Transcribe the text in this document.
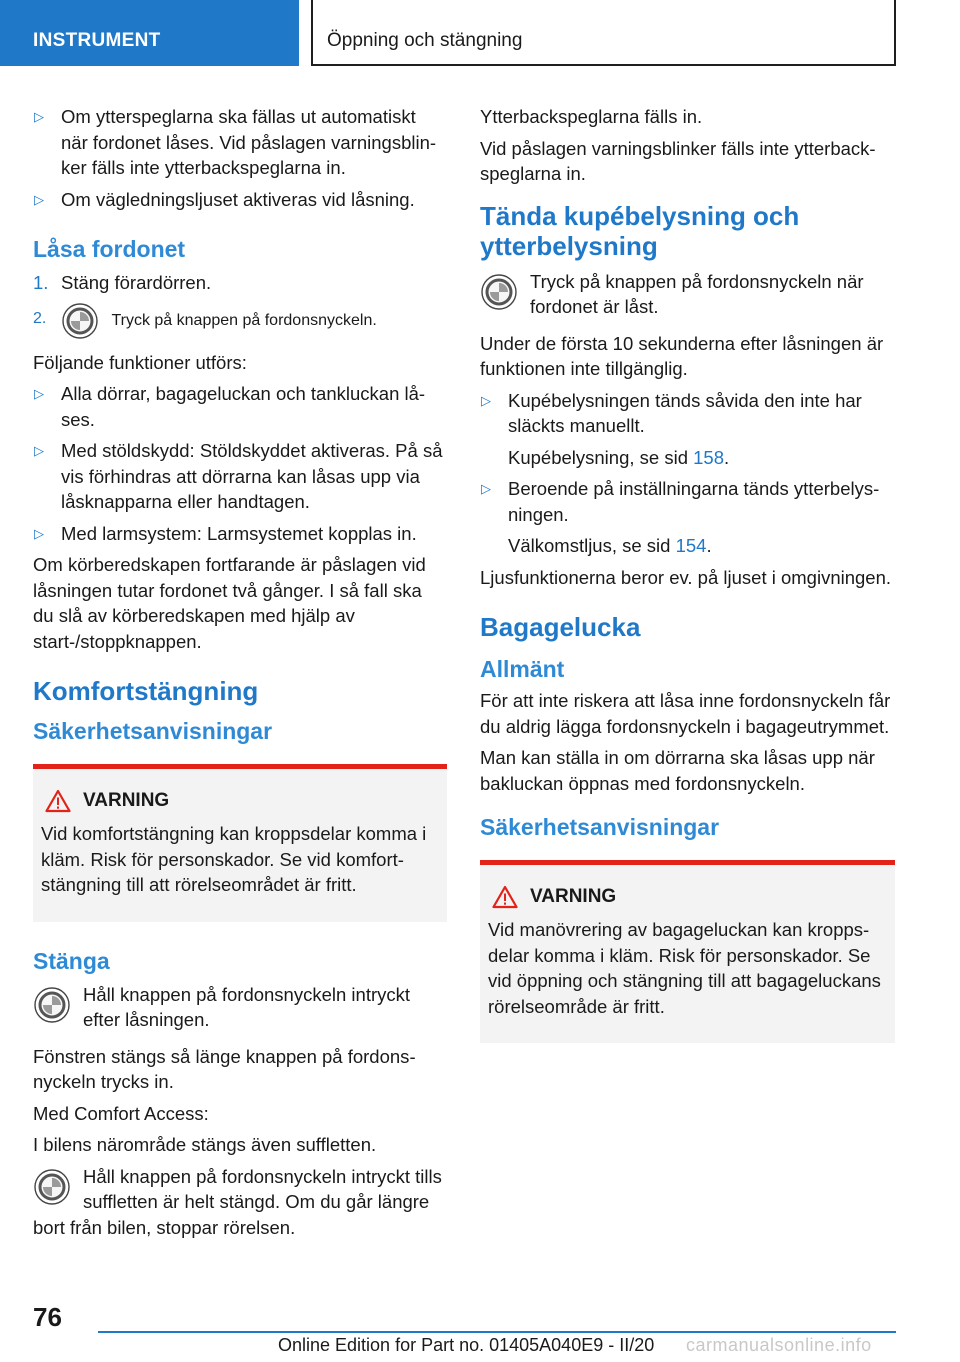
INSTRUMENT	Öppning och stängning
▷ Om ytterspeglarna ska fällas ut automatiskt när fordonet låses. Vid påslagen varningsblinker fälls inte ytterbackspeglarna in.
▷ Om vägledningsljuset aktiveras vid låsning.
Låsa fordonet
1. Stäng förardörren.
2.	Tryck på knappen på fordonsnyckeln.

Följande funktioner utförs:

▷ Alla dörrar, bagageluckan och tankluckan låses.
▷ Med stöldskydd: Stöldskyddet aktiveras. På så vis förhindras att dörrarna kan låsas upp via låsknapparna eller handtagen.
▷ Med larmsystem: Larmsystemet kopplas in.

Om körberedskapen fortfarande är påslagen vid låsningen tutar fordonet två gånger. I så fall ska du slå av körberedskapen med hjälp av start-/stoppknappen.

Komfortstängning
Säkerhetsanvisningar
VARNING

Vid komfortstängning kan kroppsdelar komma i kläm. Risk för personskador. Se vid komfortstängning till att rörelseområdet är fritt.

Stänga

Håll knappen på fordonsnyckeln intryckt efter låsningen.

Fönstren stängs så länge knappen på fordonsnyckeln trycks in.

Med Comfort Access:

I bilens närområde stängs även suffletten.

Håll knappen på fordonsnyckeln intryckt tills suffletten är helt stängd. Om du går längre bort från bilen, stoppar rörelsen.

Ytterbackspeglarna fälls in.

Vid påslagen varningsblinker fälls inte ytterbackspeglarna in.

Tända kupébelysning och ytterbelysning

Tryck på knappen på fordonsnyckeln när fordonet är låst.

Under de första 10 sekunderna efter låsningen är funktionen inte tillgänglig.

▷ Kupébelysningen tänds såvida den inte har släckts manuellt.

Kupébelysning, se sid 158.

▷ Beroende på inställningarna tänds ytterbelysningen.

Välkomstljus, se sid 154.

Ljusfunktionerna beror ev. på ljuset i omgivningen.

Bagagelucka
Allmänt

För att inte riskera att låsa inne fordonsnyckeln får du aldrig lägga fordonsnyckeln i bagageutrymmet.

Man kan ställa in om dörrarna ska låsas upp när bakluckan öppnas med fordonsnyckeln.

Säkerhetsanvisningar
VARNING

Vid manövrering av bagageluckan kan kroppsdelar komma i kläm. Risk för personskador. Se vid öppning och stängning till att bagageluckans rörelseområde är fritt.

76
Online Edition for Part no. 01405A040E9 - II/20 carmanualsonline.info
